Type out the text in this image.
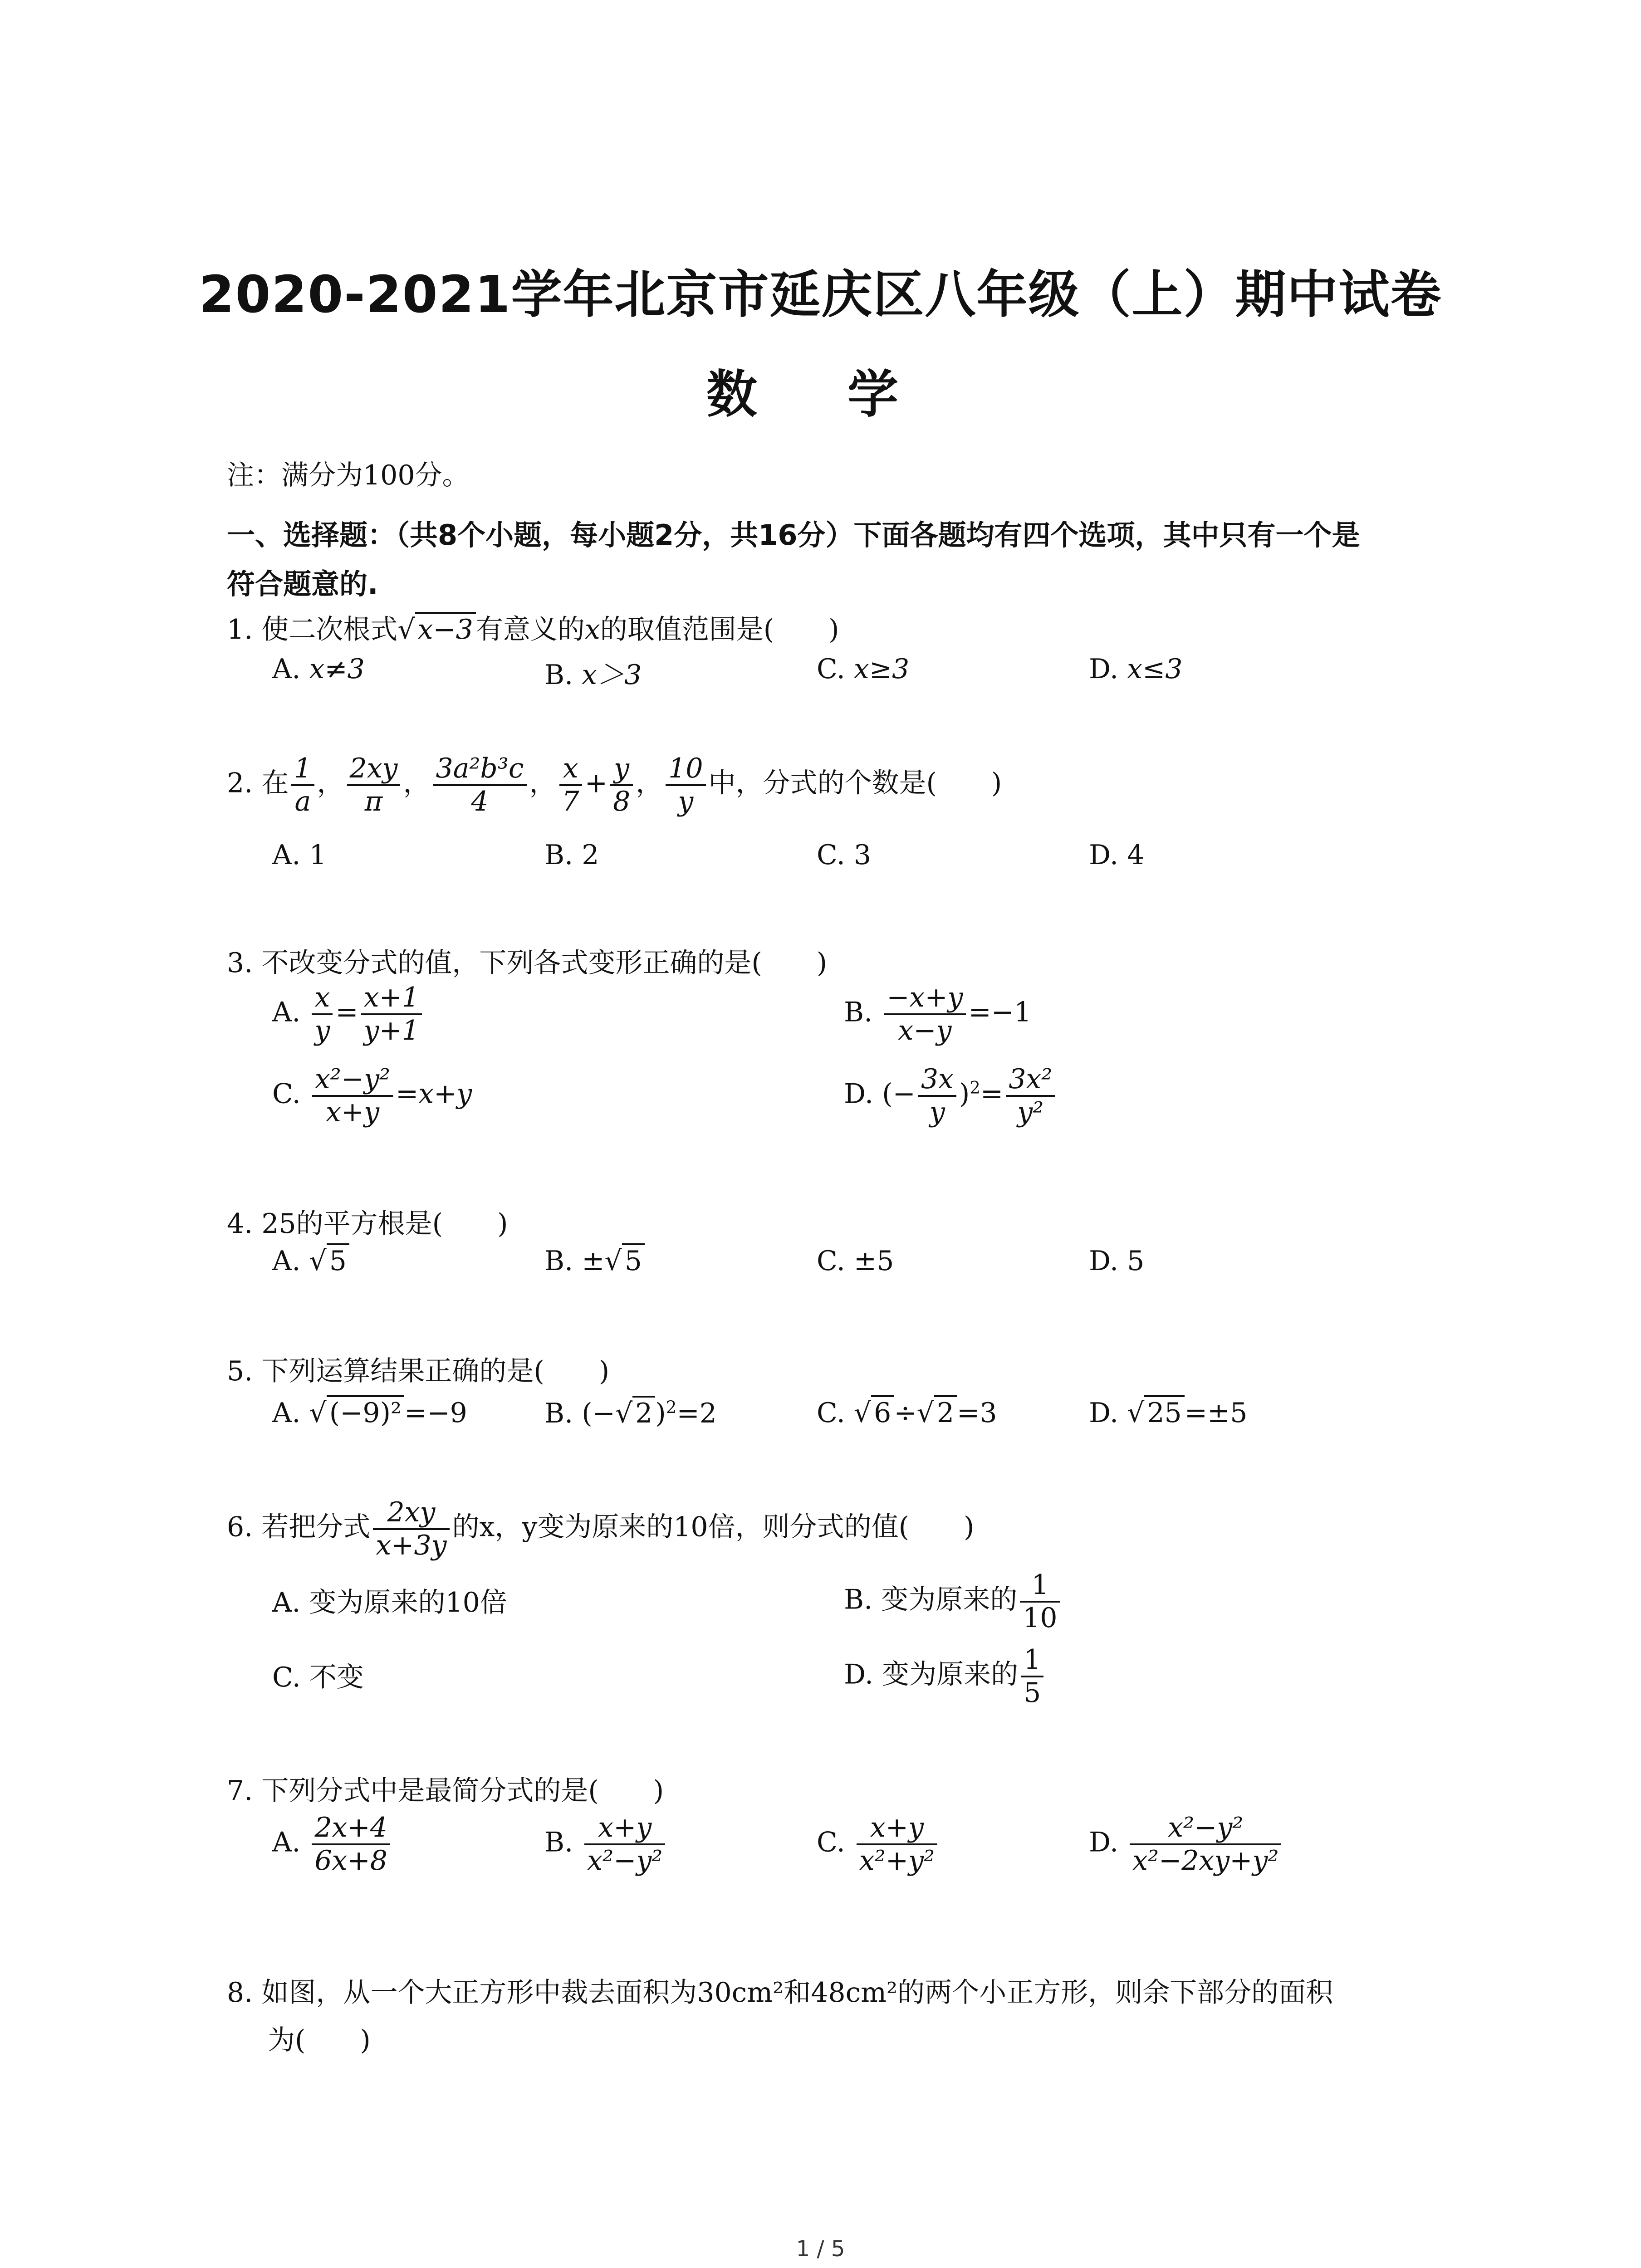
2020-2021学年北京市延庆区八年级（上）期中试卷
数 学
注：满分为100分。
一、选择题：（共8个小题，每小题2分，共16分）下面各题均有四个选项，其中只有一个是
符合题意的.
1. 使二次根式√ x−3 有意义的x的取值范围是(　　)
A. x≠3	B. x＞3	C. x≥3	D. x≤3
2. 在 $\frac{1}{a}$ ， $\frac{2xy}{\pi}$ ， $\frac{\text{3a²b³c}}{4}$ ， $\frac{x}{7} + \frac{y}{8}$ ， $\frac{10}{y}$ 中，分式的个数是(　　)
A. 1	B. 2	C. 3	D. 4
3. 不改变分式的值，下列各式变形正确的是(　　)
A. $\frac{x}{y} = \frac{x+1}{y+1}$	B. $\frac{-x+y}{x-y} =-1$
C. $\frac{\text{x²−y²}}{x+y} =x+y$	D. (− $\frac{3x}{y} )^2= \frac{\text{3x²}}{\text{y²}}$
4. 25的平方根是(　　)
A. √ 5	B. ±√ 5	C. ±5	D. 5
5. 下列运算结果正确的是(　　)
A. √ (−9)² =−9	B. (−√ 2 )$^2$=2	C. √ 6 ÷√ 2 =3	D. √ 25 =±5
6. 若把分式 $\frac{2xy}{x+3y}$ 的x，y变为原来的10倍，则分式的值(　　)
A. 变为原来的10倍	B. 变为原来的 $\frac{1}{10}$
C. 不变	D. 变为原来的 $\frac{1}{5}$
7. 下列分式中是最简分式的是(　　)
A. $\frac{2x+4}{6x+8}$	B. $\frac{x+y}{\text{x²−y²}}$	C. $\frac{x+y}{\text{x²+y²}}$	D. $\frac{\text{x²−y²}}{\text{x²−2xy+y²}}$
8. 如图，从一个大正方形中裁去面积为30cm²和48cm²的两个小正方形，则余下部分的面积
为(　　)
1 / 5
